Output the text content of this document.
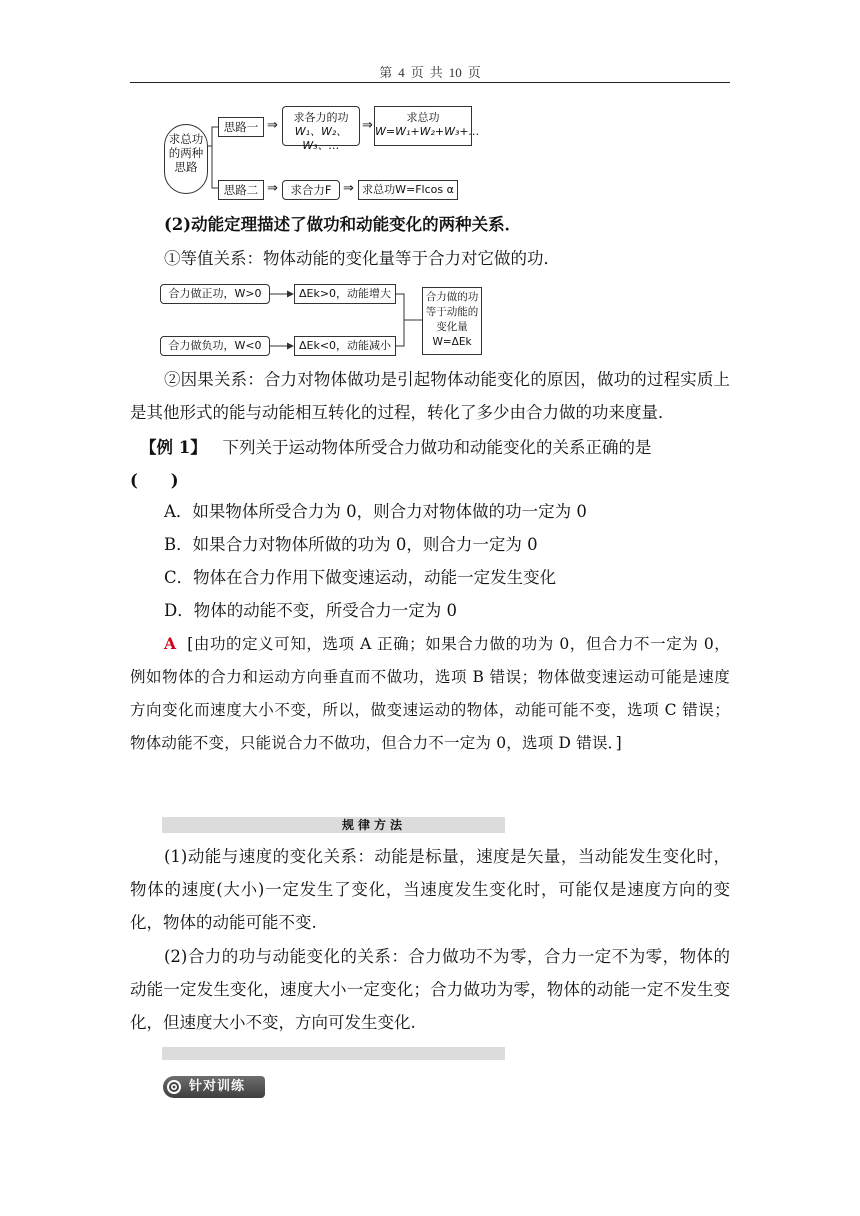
第 4 页 共 10 页
求总功的两种思路
思路一 ⇒
求各力的功
W₁、W₂、W₃、…
⇒
求总功
W=W₁+W₂+W₃+…
思路二 ⇒	求合力F ⇒ 求总功W=Flcos α
(2)动能定理描述了做功和动能变化的两种关系．
①等值关系：物体动能的变化量等于合力对它做的功．
合力做正功，W>0	ΔEk>0，动能增大
合力做负功，W<0	ΔEk<0，动能减小
合力做的功等于动能的变化量W=ΔEk
②因果关系：合力对物体做功是引起物体动能变化的原因，做功的过程实质上是其他形式的能与动能相互转化的过程，转化了多少由合力做的功来度量．
【例 1】 下列关于运动物体所受合力做功和动能变化的关系正确的是
(　　)
A．如果物体所受合力为 0，则合力对物体做的功一定为 0
B．如果合力对物体所做的功为 0，则合力一定为 0
C．物体在合力作用下做变速运动，动能一定发生变化
D．物体的动能不变，所受合力一定为 0
A [由功的定义可知，选项 A 正确；如果合力做的功为 0，但合力不一定为 0，例如物体的合力和运动方向垂直而不做功，选项 B 错误；物体做变速运动可能是速度方向变化而速度大小不变，所以，做变速运动的物体，动能可能不变，选项 C 错误；物体动能不变，只能说合力不做功，但合力不一定为 0，选项 D 错误．]
规律方法
(1)动能与速度的变化关系：动能是标量，速度是矢量，当动能发生变化时，物体的速度(大小)一定发生了变化，当速度发生变化时，可能仅是速度方向的变化，物体的动能可能不变.
(2)合力的功与动能变化的关系：合力做功不为零，合力一定不为零，物体的动能一定发生变化，速度大小一定变化；合力做功为零，物体的动能一定不发生变化，但速度大小不变，方向可发生变化.
针对训练
